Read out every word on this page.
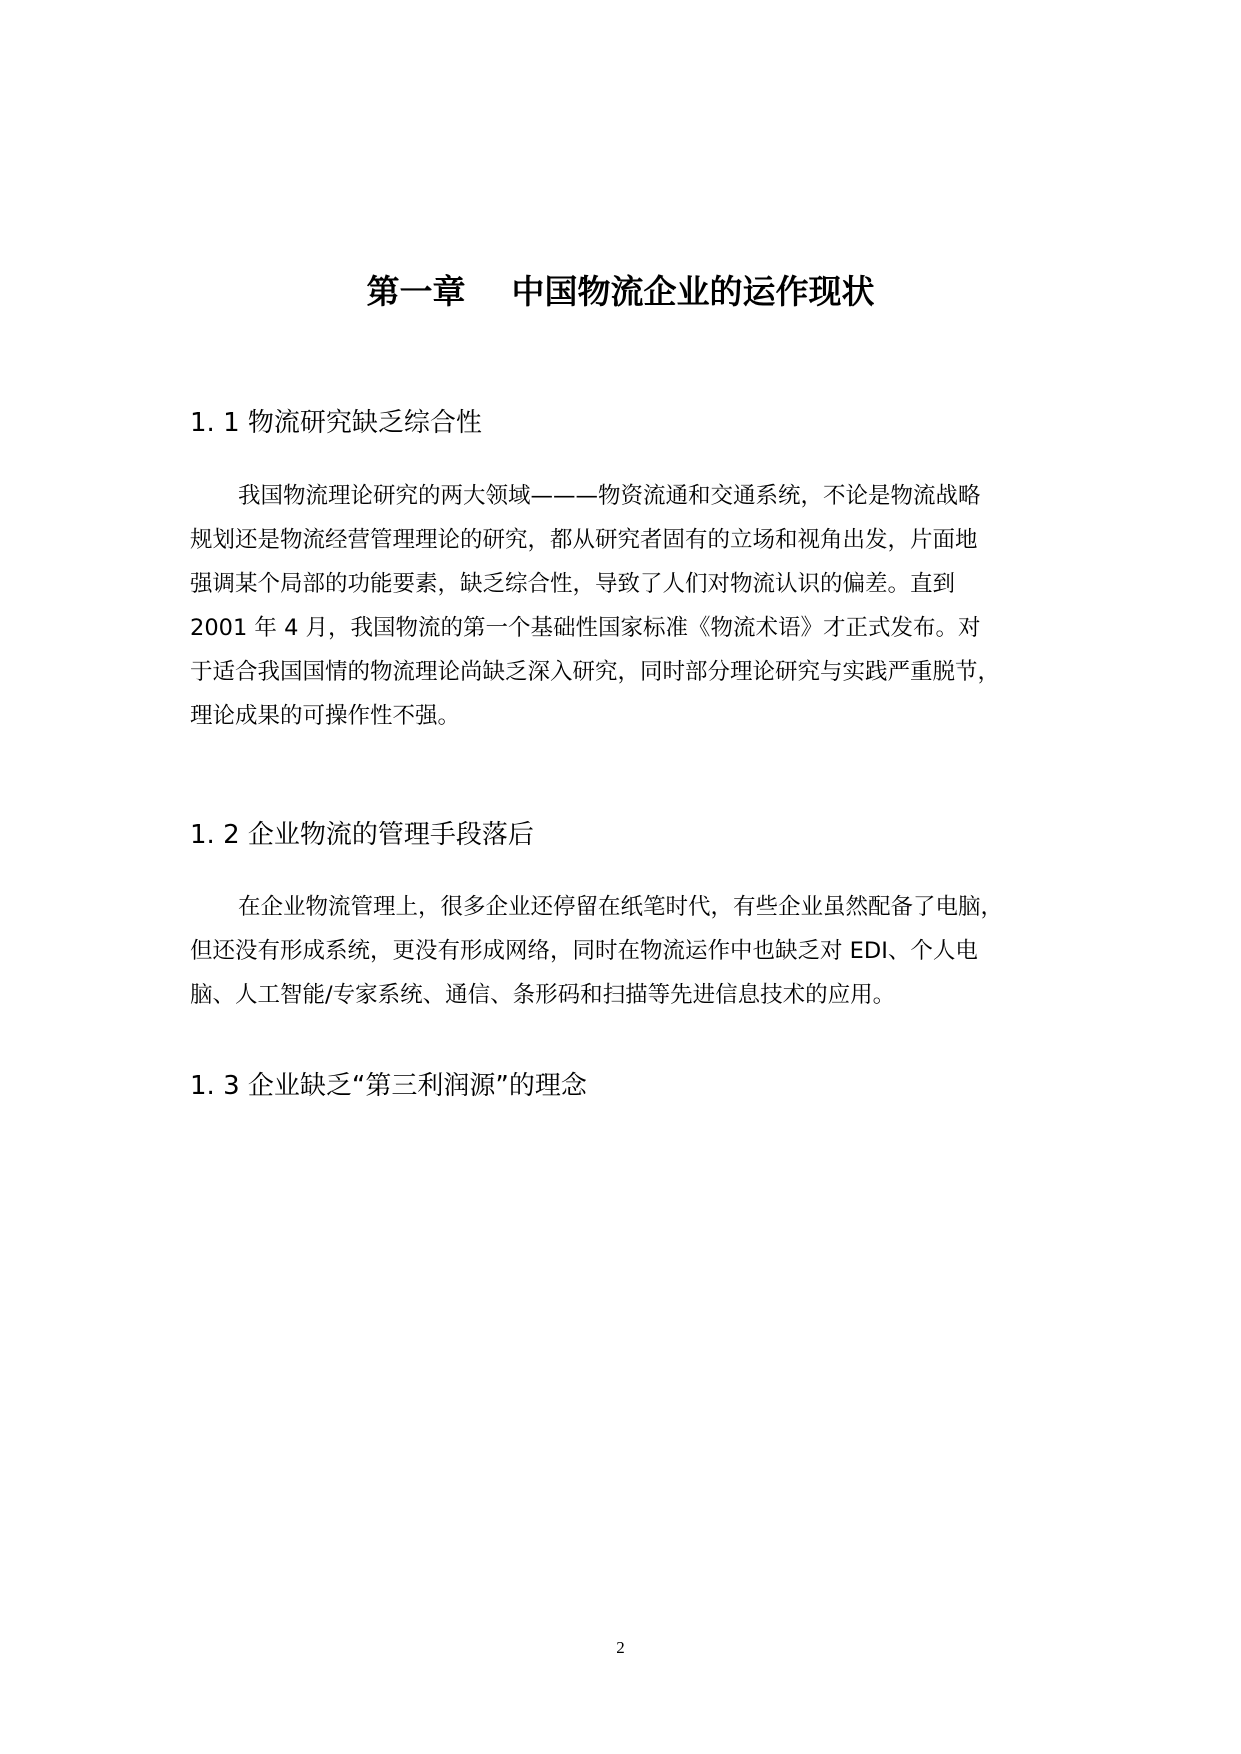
第一章    中国物流企业的运作现状
1. 1 物流研究缺乏综合性
我国物流理论研究的两大领域———物资流通和交通系统，不论是物流战略
规划还是物流经营管理理论的研究，都从研究者固有的立场和视角出发，片面地
强调某个局部的功能要素，缺乏综合性，导致了人们对物流认识的偏差。直到
2001 年 4 月，我国物流的第一个基础性国家标准《物流术语》才正式发布。对
于适合我国国情的物流理论尚缺乏深入研究，同时部分理论研究与实践严重脱节，
理论成果的可操作性不强。
1. 2 企业物流的管理手段落后
在企业物流管理上，很多企业还停留在纸笔时代，有些企业虽然配备了电脑，
但还没有形成系统，更没有形成网络，同时在物流运作中也缺乏对 EDI、个人电
脑、人工智能/专家系统、通信、条形码和扫描等先进信息技术的应用。
1. 3 企业缺乏“第三利润源”的理念
2
